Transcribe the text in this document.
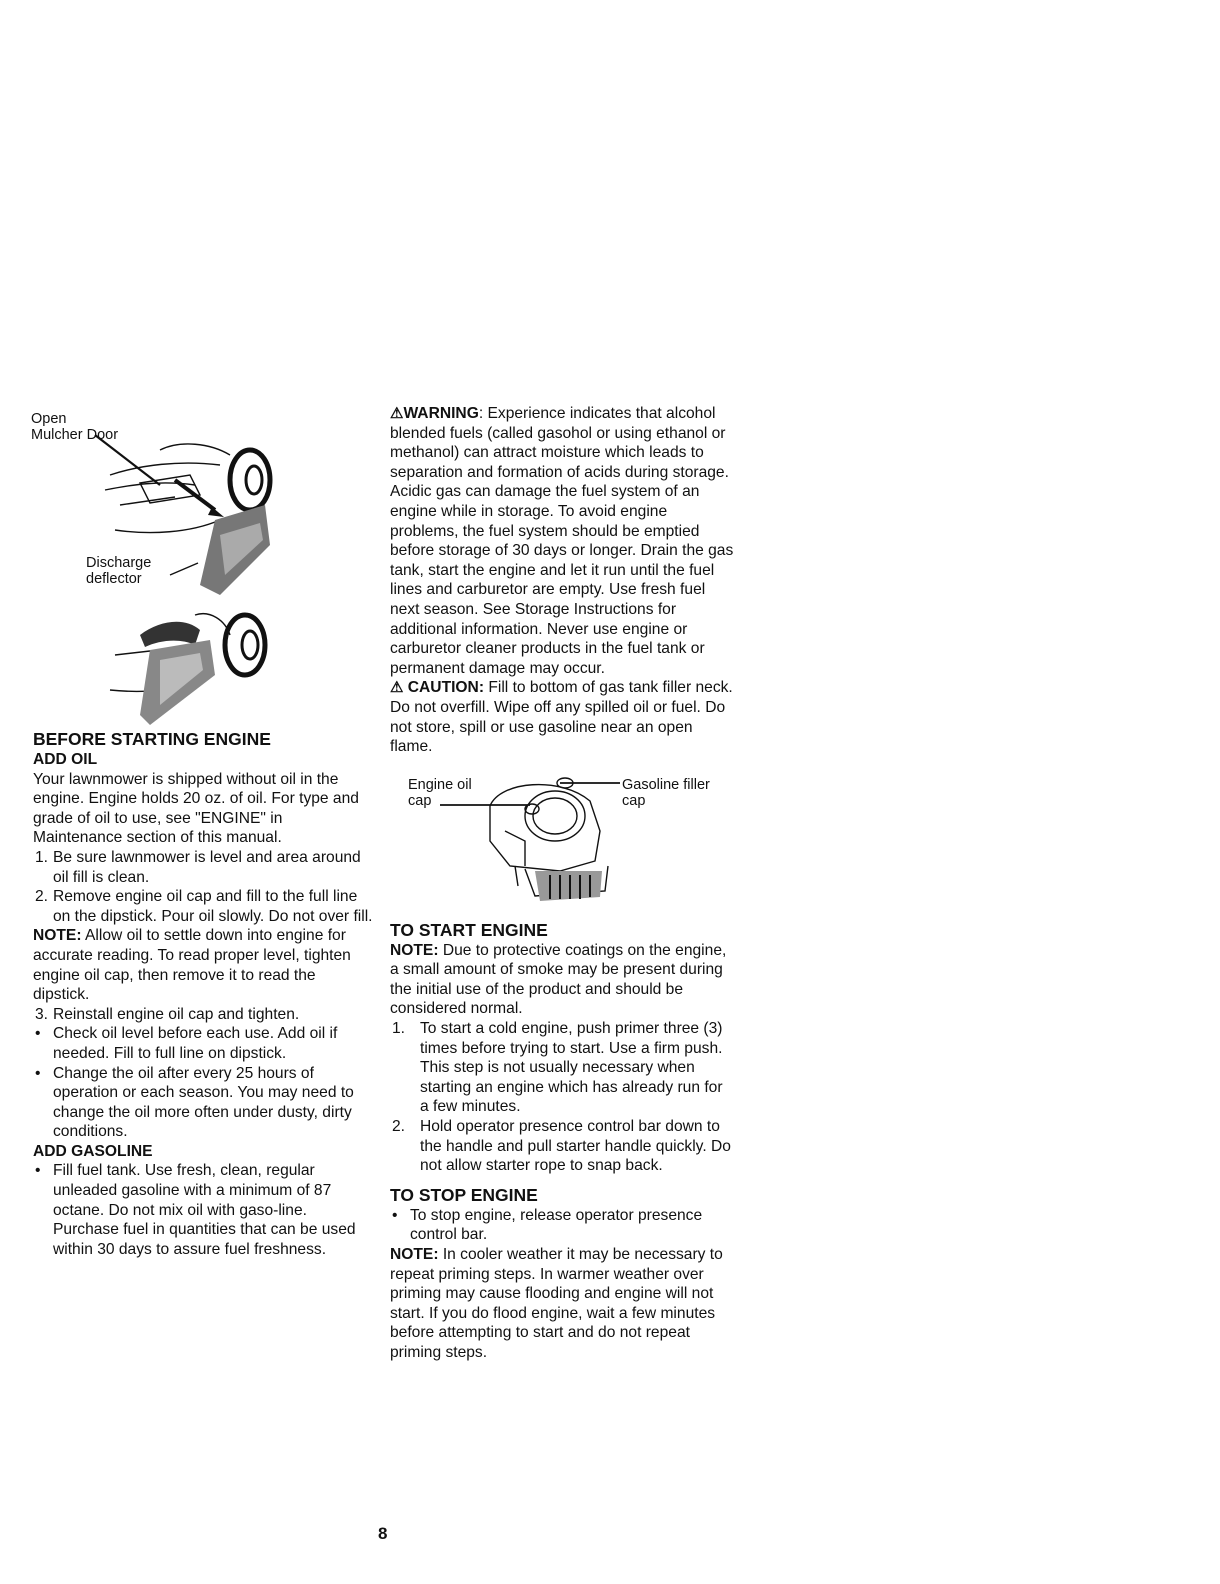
Open
Mulcher Door
Discharge
deflector
BEFORE STARTING ENGINE
ADD OIL

Your lawnmower is shipped without oil in the engine. Engine holds 20 oz. of oil. For type and grade of oil to use, see "ENGINE" in Maintenance section of this manual.

1. Be sure lawnmower is level and area around oil fill is clean.
2. Remove engine oil cap and fill to the full line on the dipstick. Pour oil slowly. Do not over fill.

NOTE: Allow oil to settle down into engine for accurate reading. To read proper level, tighten engine oil cap, then remove it to read the dipstick.

3. Reinstall engine oil cap and tighten.
• Check oil level before each use. Add oil if needed. Fill to full line on dipstick.
• Change the oil after every 25 hours of operation or each season. You may need to change the oil more often under dusty, dirty conditions.
ADD GASOLINE
• Fill fuel tank. Use fresh, clean, regular unleaded gasoline with a minimum of 87 octane. Do not mix oil with gaso-line. Purchase fuel in quantities that can be used within 30 days to assure fuel freshness.

⚠WARNING: Experience indicates that alcohol blended fuels (called gasohol or using ethanol or methanol) can attract moisture which leads to separation and formation of acids during storage. Acidic gas can damage the fuel system of an engine while in storage. To avoid engine problems, the fuel system should be emptied before storage of 30 days or longer. Drain the gas tank, start the engine and let it run until the fuel lines and carburetor are empty. Use fresh fuel next season. See Storage Instructions for additional information. Never use engine or carburetor cleaner products in the fuel tank or permanent damage may occur.

⚠ CAUTION: Fill to bottom of gas tank filler neck. Do not overfill. Wipe off any spilled oil or fuel. Do not store, spill or use gasoline near an open flame.

Engine oil
cap
Gasoline filler
cap
TO START ENGINE

NOTE: Due to protective coatings on the engine, a small amount of smoke may be present during the initial use of the product and should be considered normal.

1. To start a cold engine, push primer three (3) times before trying to start. Use a firm push. This step is not usually necessary when starting an engine which has already run for a few minutes.
2. Hold operator presence control bar down to the handle and pull starter handle quickly. Do not allow starter rope to snap back.
TO STOP ENGINE
• To stop engine, release operator presence control bar.

NOTE: In cooler weather it may be necessary to repeat priming steps. In warmer weather over priming may cause flooding and engine will not start. If you do flood engine, wait a few minutes before attempting to start and do not repeat priming steps.

8
